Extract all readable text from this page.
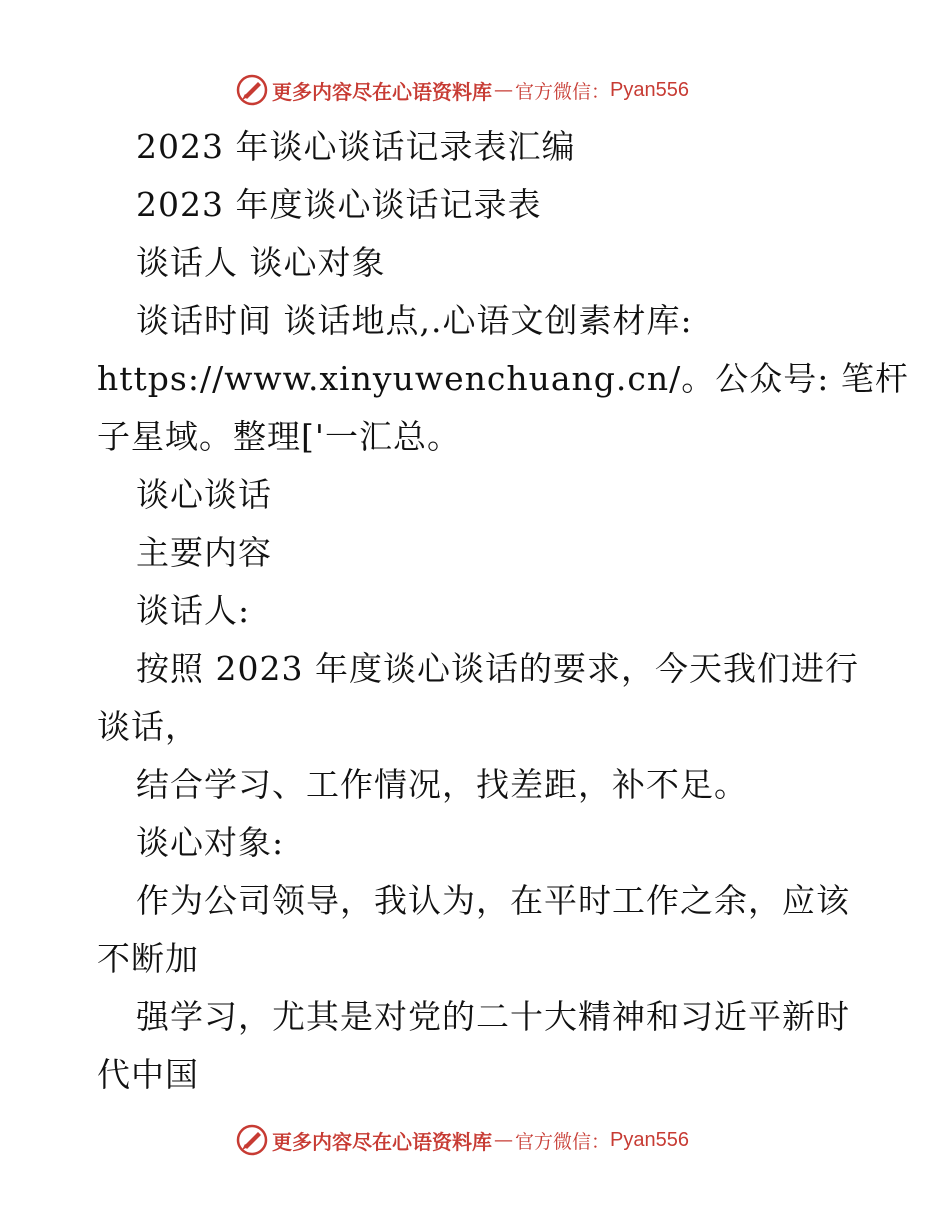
更多内容尽在心语资料库 — 官方微信： Pyan556
2023 年谈心谈话记录表汇编
2023 年度谈心谈话记录表
谈话人 谈心对象
谈话时间 谈话地点,.心语文创素材库:
https://www.xinyuwenchuang.cn/。公众号: 笔杆
子星域。整理['一汇总。
谈心谈话
主要内容
谈话人:
按照 2023 年度谈心谈话的要求，今天我们进行
谈话，
结合学习、工作情况，找差距，补不足。
谈心对象:
作为公司领导，我认为，在平时工作之余，应该
不断加
强学习，尤其是对党的二十大精神和习近平新时
代中国
更多内容尽在心语资料库 — 官方微信： Pyan556
